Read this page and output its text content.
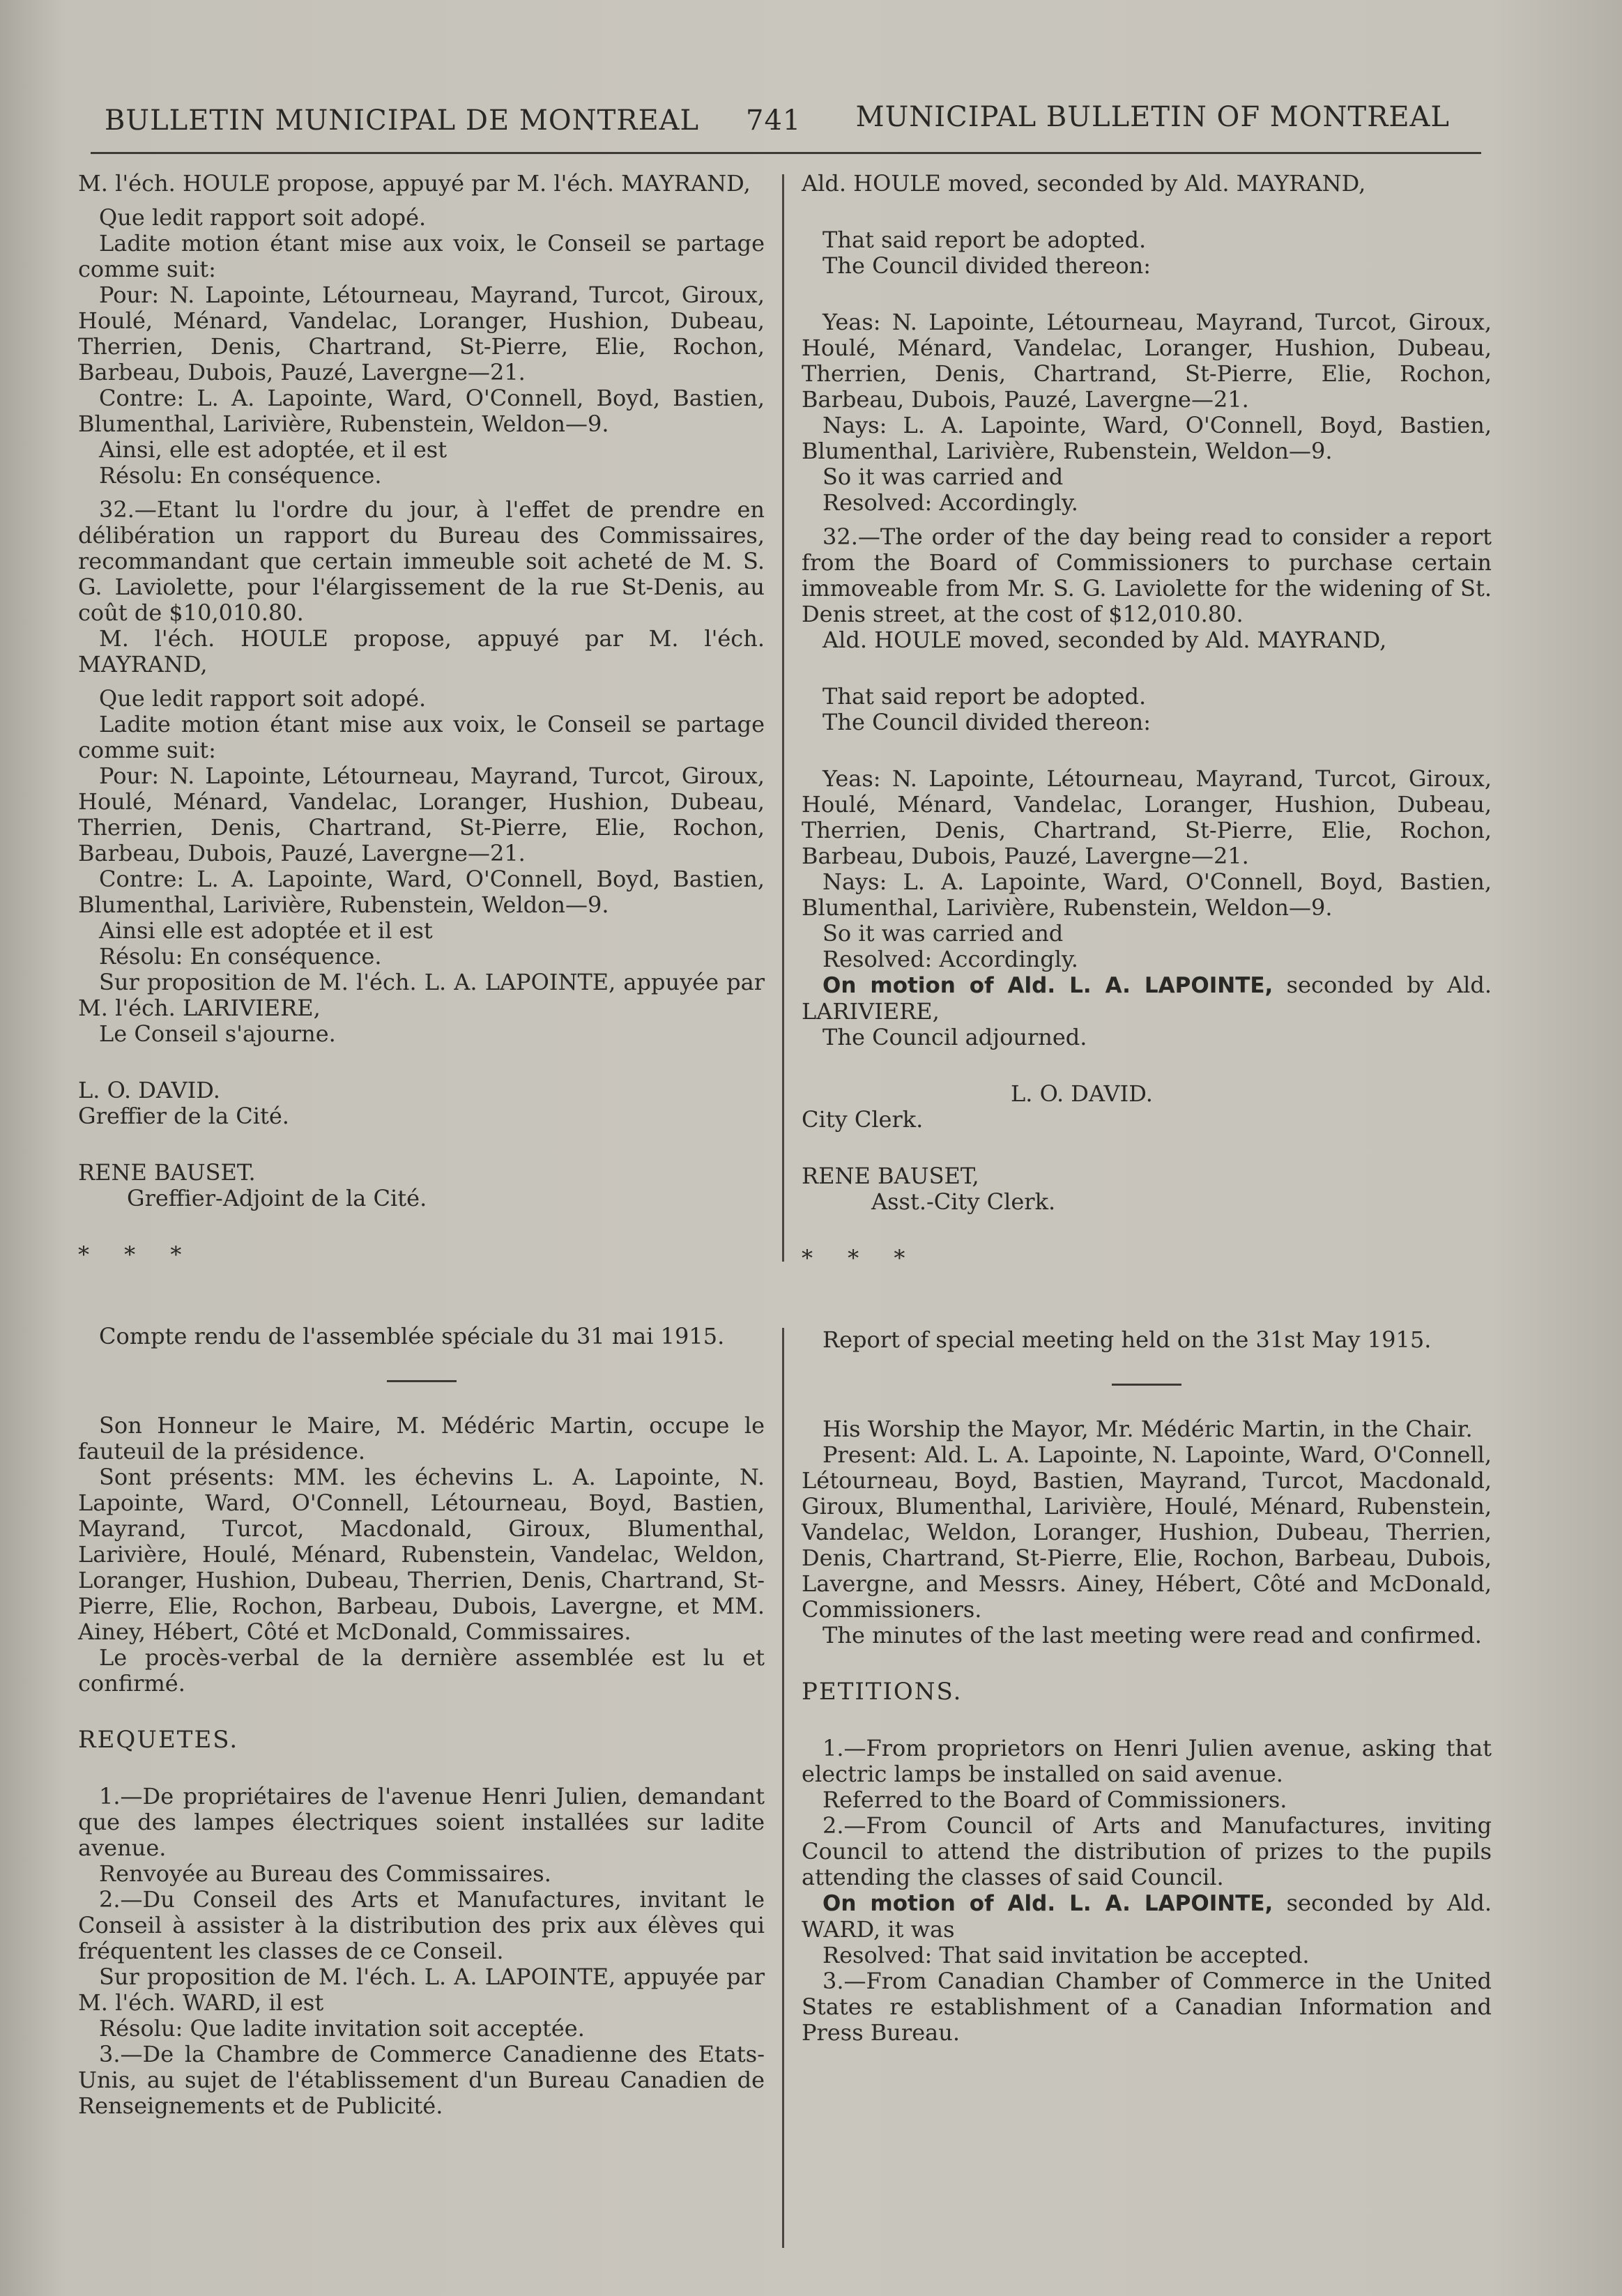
BULLETIN MUNICIPAL DE MONTREAL 741 MUNICIPAL BULLETIN OF MONTREAL

M. l'éch. HOULE propose, appuyé par M. l'éch. MAYRAND,

Que ledit rapport soit adopé.

Ladite motion étant mise aux voix, le Conseil se partage comme suit:

Pour: N. Lapointe, Létourneau, Mayrand, Turcot, Giroux, Houlé, Ménard, Vandelac, Loranger, Hushion, Dubeau, Therrien, Denis, Chartrand, St-Pierre, Elie, Rochon, Barbeau, Dubois, Pauzé, Lavergne—21.

Contre: L. A. Lapointe, Ward, O'Connell, Boyd, Bastien, Blumenthal, Larivière, Rubenstein, Weldon—9.

Ainsi, elle est adoptée, et il est

Résolu: En conséquence.

32.—Etant lu l'ordre du jour, à l'effet de prendre en délibération un rapport du Bureau des Commissaires, recommandant que certain immeuble soit acheté de M. S. G. Laviolette, pour l'élargissement de la rue St-Denis, au coût de $10,010.80.

M. l'éch. HOULE propose, appuyé par M. l'éch. MAYRAND,

Que ledit rapport soit adopé.

Ladite motion étant mise aux voix, le Conseil se partage comme suit:

Pour: N. Lapointe, Létourneau, Mayrand, Turcot, Giroux, Houlé, Ménard, Vandelac, Loranger, Hushion, Dubeau, Therrien, Denis, Chartrand, St-Pierre, Elie, Rochon, Barbeau, Dubois, Pauzé, Lavergne—21.

Contre: L. A. Lapointe, Ward, O'Connell, Boyd, Bastien, Blumenthal, Larivière, Rubenstein, Weldon—9.

Ainsi elle est adoptée et il est

Résolu: En conséquence.

Sur proposition de M. l'éch. L. A. LAPOINTE, appuyée par M. l'éch. LARIVIERE,

Le Conseil s'ajourne.

L. O. DAVID.

Greffier de la Cité.

RENE BAUSET.

Greffier-Adjoint de la Cité.

* * *

Compte rendu de l'assemblée spéciale du 31 mai 1915.

Son Honneur le Maire, M. Médéric Martin, occupe le fauteuil de la présidence.

Sont présents: MM. les échevins L. A. Lapointe, N. Lapointe, Ward, O'Connell, Létourneau, Boyd, Bastien, Mayrand, Turcot, Macdonald, Giroux, Blumenthal, Larivière, Houlé, Ménard, Rubenstein, Vandelac, Weldon, Loranger, Hushion, Dubeau, Therrien, Denis, Chartrand, St-Pierre, Elie, Rochon, Barbeau, Dubois, Lavergne, et MM. Ainey, Hébert, Côté et McDonald, Commissaires.

Le procès-verbal de la dernière assemblée est lu et confirmé.

REQUETES.

1.—De propriétaires de l'avenue Henri Julien, demandant que des lampes électriques soient installées sur ladite avenue.

Renvoyée au Bureau des Commissaires.

2.—Du Conseil des Arts et Manufactures, invitant le Conseil à assister à la distribution des prix aux élèves qui fréquentent les classes de ce Conseil.

Sur proposition de M. l'éch. L. A. LAPOINTE, appuyée par M. l'éch. WARD, il est

Résolu: Que ladite invitation soit acceptée.

3.—De la Chambre de Commerce Canadienne des Etats-Unis, au sujet de l'établissement d'un Bureau Canadien de Renseignements et de Publicité.

Ald. HOULE moved, seconded by Ald. MAYRAND,

That said report be adopted.

The Council divided thereon:

Yeas: N. Lapointe, Létourneau, Mayrand, Turcot, Giroux, Houlé, Ménard, Vandelac, Loranger, Hushion, Dubeau, Therrien, Denis, Chartrand, St-Pierre, Elie, Rochon, Barbeau, Dubois, Pauzé, Lavergne—21.

Nays: L. A. Lapointe, Ward, O'Connell, Boyd, Bastien, Blumenthal, Larivière, Rubenstein, Weldon—9.

So it was carried and

Resolved: Accordingly.

32.—The order of the day being read to consider a report from the Board of Commissioners to purchase certain immoveable from Mr. S. G. Laviolette for the widening of St. Denis street, at the cost of $12,010.80.

Ald. HOULE moved, seconded by Ald. MAYRAND,

That said report be adopted.

The Council divided thereon:

Yeas: N. Lapointe, Létourneau, Mayrand, Turcot, Giroux, Houlé, Ménard, Vandelac, Loranger, Hushion, Dubeau, Therrien, Denis, Chartrand, St-Pierre, Elie, Rochon, Barbeau, Dubois, Pauzé, Lavergne—21.

Nays: L. A. Lapointe, Ward, O'Connell, Boyd, Bastien, Blumenthal, Larivière, Rubenstein, Weldon—9.

So it was carried and

Resolved: Accordingly.

On motion of Ald. L. A. LAPOINTE, seconded by Ald. LARIVIERE,

The Council adjourned.

L. O. DAVID.

City Clerk.

RENE BAUSET,

Asst.-City Clerk.

* * *

Report of special meeting held on the 31st May 1915.

His Worship the Mayor, Mr. Médéric Martin, in the Chair.

Present: Ald. L. A. Lapointe, N. Lapointe, Ward, O'Connell, Létourneau, Boyd, Bastien, Mayrand, Turcot, Macdonald, Giroux, Blumenthal, Larivière, Houlé, Ménard, Rubenstein, Vandelac, Weldon, Loranger, Hushion, Dubeau, Therrien, Denis, Chartrand, St-Pierre, Elie, Rochon, Barbeau, Dubois, Lavergne, and Messrs. Ainey, Hébert, Côté and McDonald, Commissioners.

The minutes of the last meeting were read and confirmed.

PETITIONS.

1.—From proprietors on Henri Julien avenue, asking that electric lamps be installed on said avenue.

Referred to the Board of Commissioners.

2.—From Council of Arts and Manufactures, inviting Council to attend the distribution of prizes to the pupils attending the classes of said Council.

On motion of Ald. L. A. LAPOINTE, seconded by Ald. WARD, it was

Resolved: That said invitation be accepted.

3.—From Canadian Chamber of Commerce in the United States re establishment of a Canadian Information and Press Bureau.
